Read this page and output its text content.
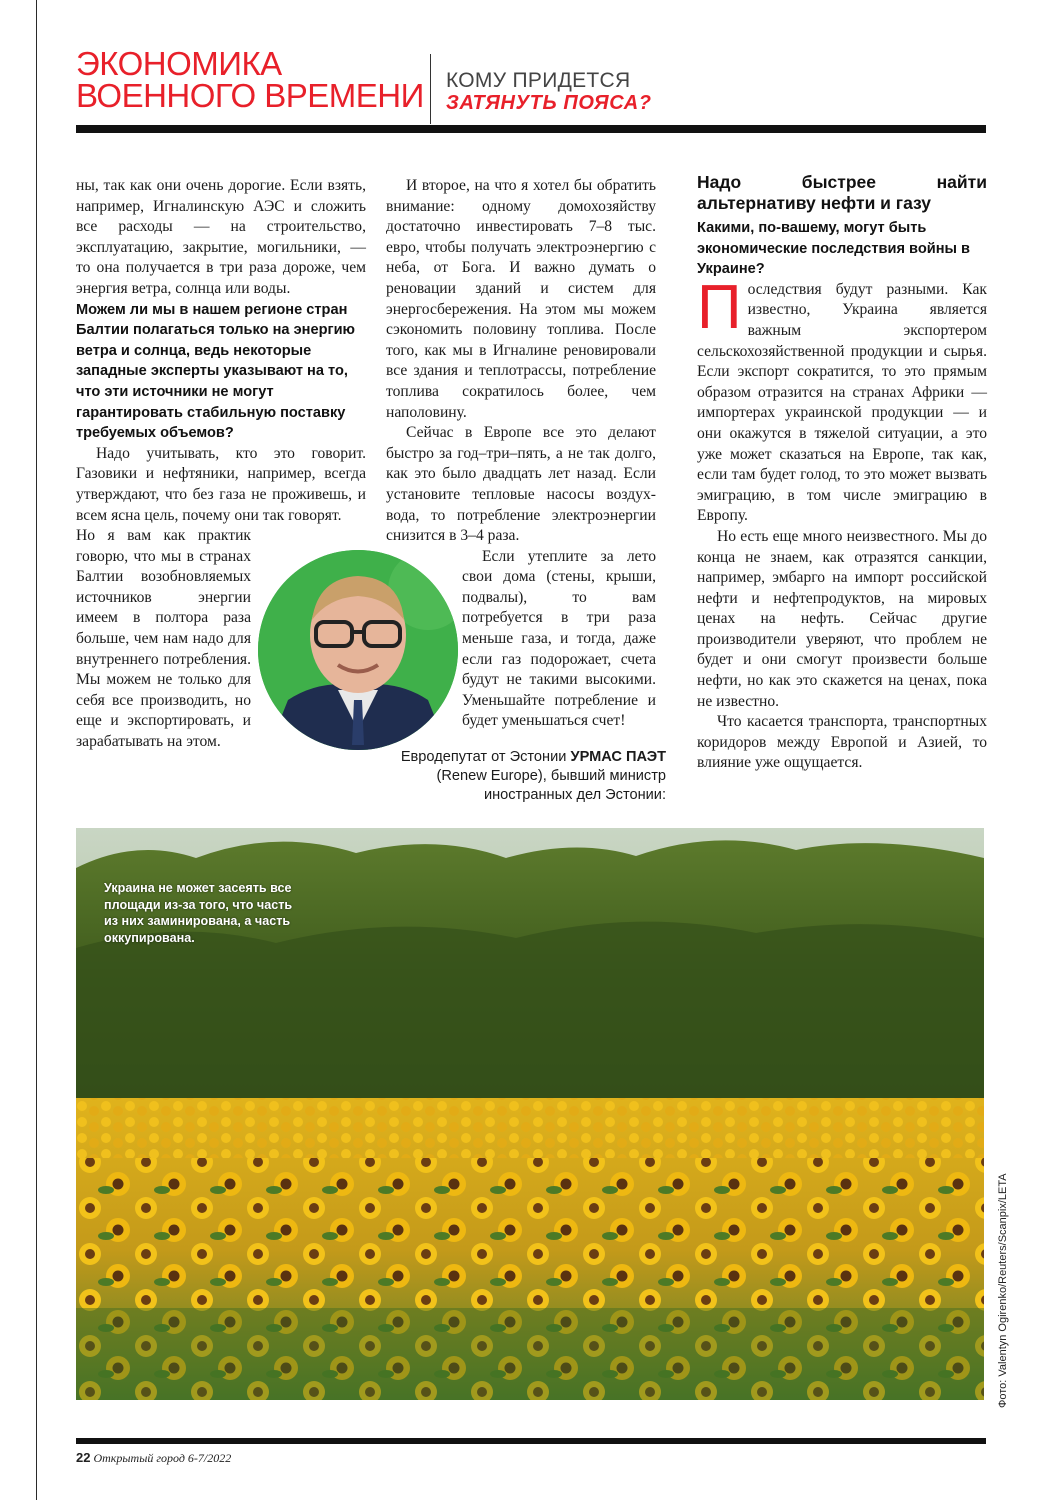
ЭКОНОМИКА
ВОЕННОГО ВРЕМЕНИ КОМУ ПРИДЕТСЯ
ЗАТЯНУТЬ ПОЯСА?

ны, так как они очень дорогие. Если взять, например, Игналинскую АЭС и сложить все расходы — на строительство, эксплуатацию, закрытие, могильники, — то она получается в три раза дороже, чем энергия ветра, солнца или воды.

Можем ли мы в нашем регионе стран Балтии полагаться только на энергию ветра и солнца, ведь некоторые западные эксперты указывают на то, что эти источники не могут гарантировать стабильную поставку требуемых объемов?

Надо учитывать, кто это говорит. Газовики и нефтяники, например, всегда утверждают, что без газа не проживешь, и всем ясна цель, почему они так говорят.

Но я вам как практик говорю, что мы в странах Балтии возобновляемых источников энергии имеем в полтора раза больше, чем нам надо для внутреннего потребления. Мы можем не только для себя все производить, но еще и экспортировать, и зарабатывать на этом.

И второе, на что я хотел бы обратить внимание: одному домохозяйству достаточно инвестировать 7–8 тыс. евро, чтобы получать электроэнергию с неба, от Бога. И важно думать о реновации зданий и систем для энергосбережения. На этом мы можем сэкономить половину топлива. После того, как мы в Игналине реновировали все здания и теплотрассы, потребление топлива сократилось более, чем наполовину.

Сейчас в Европе все это делают быстро за год–три–пять, а не так долго, как это было двадцать лет назад. Если установите тепловые насосы воздух-вода, то потребление электроэнергии снизится в 3–4 раза.

Если утеплите за лето свои дома (стены, крыши, подвалы), то вам потребуется в три раза меньше газа, и тогда, даже если газ подорожает, счета будут не такими высокими. Уменьшайте потребление и будет уменьшаться счет!

Евродепутат от Эстонии УРМАС ПАЭТ (Renew Europe), бывший министр иностранных дел Эстонии:
Надо быстрее найти альтернативу нефти и газу

Какими, по-вашему, могут быть экономические последствия войны в Украине?

Последствия будут разными. Как известно, Украина является важным экспортером сельскохозяйственной продукции и сырья. Если экспорт сократится, то это прямым образом отразится на странах Африки — импортерах украинской продукции — и они окажутся в тяжелой ситуации, а это уже может сказаться на Европе, так как, если там будет голод, то это может вызвать эмиграцию, в том числе эмиграцию в Европу.

Но есть еще много неизвестного. Мы до конца не знаем, как отразятся санкции, например, эмбарго на импорт российской нефти и нефтепродуктов, на мировых ценах на нефть. Сейчас другие производители уверяют, что проблем не будет и они смогут произвести больше нефти, но как это скажется на ценах, пока не известно.

Что касается транспорта, транспортных коридоров между Европой и Азией, то влияние уже ощущается.

Украина не может засеять все площади из-за того, что часть из них заминирована, а часть оккупирована.
Фото: Valentyn Ogirenko/Reuters/Scanpix/LETA
22 Открытый город 6-7/2022
